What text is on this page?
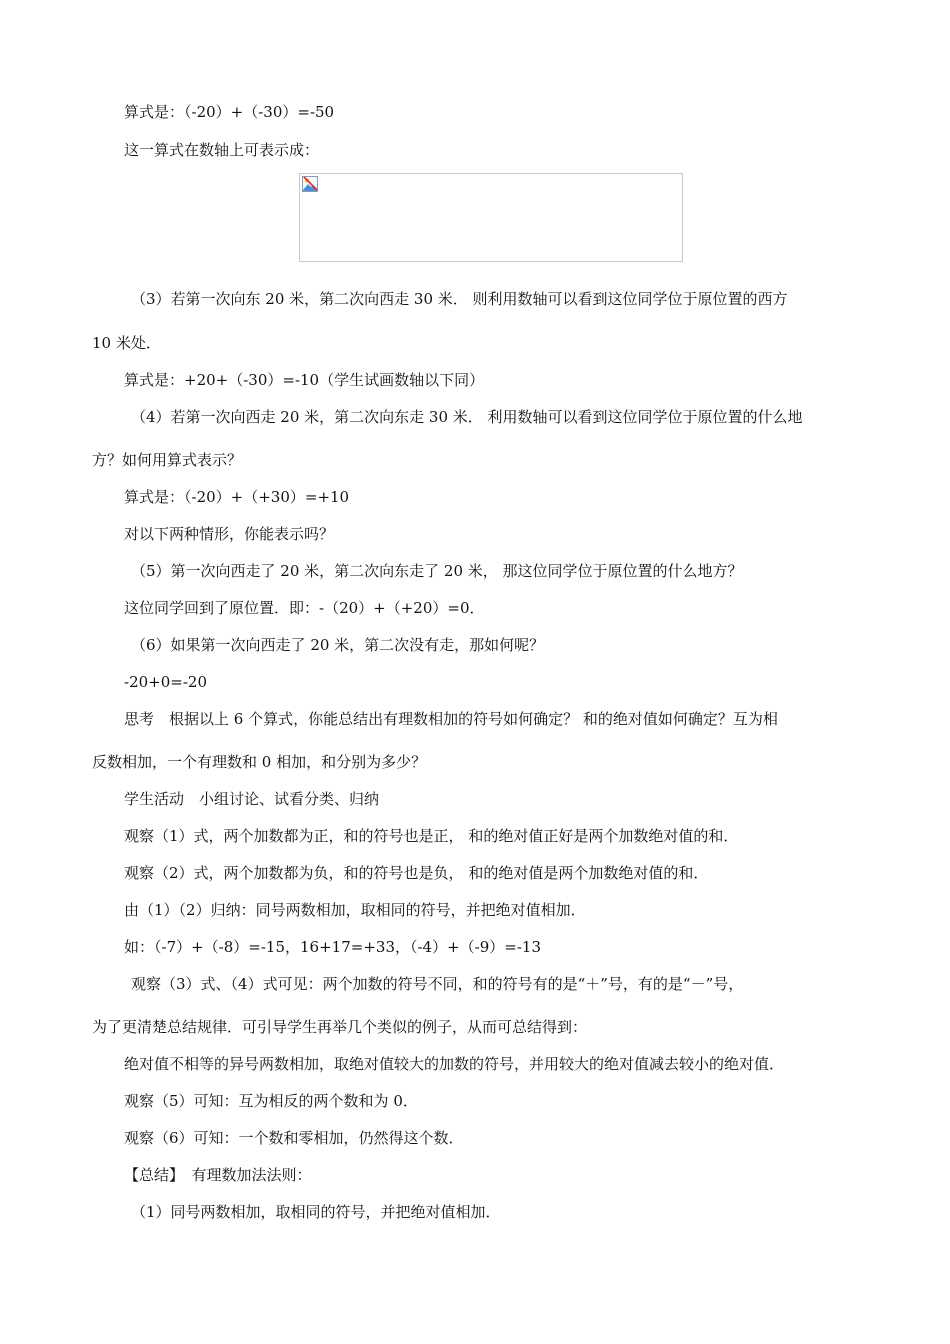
算式是：（-20）+（-30）=-50
这一算式在数轴上可表示成：
（3）若第一次向东 20 米，第二次向西走 30 米． 则利用数轴可以看到这位同学位于原位置的西方
10 米处．
算式是：+20+（-30）=-10（学生试画数轴以下同）
（4）若第一次向西走 20 米，第二次向东走 30 米． 利用数轴可以看到这位同学位于原位置的什么地
方？如何用算式表示？
算式是：（-20）+（+30）=+10
对以下两种情形，你能表示吗？
（5）第一次向西走了 20 米，第二次向东走了 20 米， 那这位同学位于原位置的什么地方？
这位同学回到了原位置．即：-（20）+（+20）=0．
（6）如果第一次向西走了 20 米，第二次没有走，那如何呢？
-20+0=-20
思考　根据以上 6 个算式，你能总结出有理数相加的符号如何确定？ 和的绝对值如何确定？互为相
反数相加，一个有理数和 0 相加，和分别为多少？
学生活动　小组讨论、试看分类、归纳
观察（1）式，两个加数都为正，和的符号也是正， 和的绝对值正好是两个加数绝对值的和．
观察（2）式，两个加数都为负，和的符号也是负， 和的绝对值是两个加数绝对值的和．
由（1）（2）归纳：同号两数相加，取相同的符号，并把绝对值相加．
如：（-7）+（-8）=-15，16+17=+33，（-4）+（-9）=-13
观察（3）式、（4）式可见：两个加数的符号不同，和的符号有的是“＋”号，有的是“－”号，
为了更清楚总结规律．可引导学生再举几个类似的例子，从而可总结得到：
绝对值不相等的异号两数相加，取绝对值较大的加数的符号，并用较大的绝对值减去较小的绝对值．
观察（5）可知：互为相反的两个数和为 0．
观察（6）可知：一个数和零相加，仍然得这个数．
【总结】　有理数加法法则：
（1）同号两数相加，取相同的符号，并把绝对值相加．
